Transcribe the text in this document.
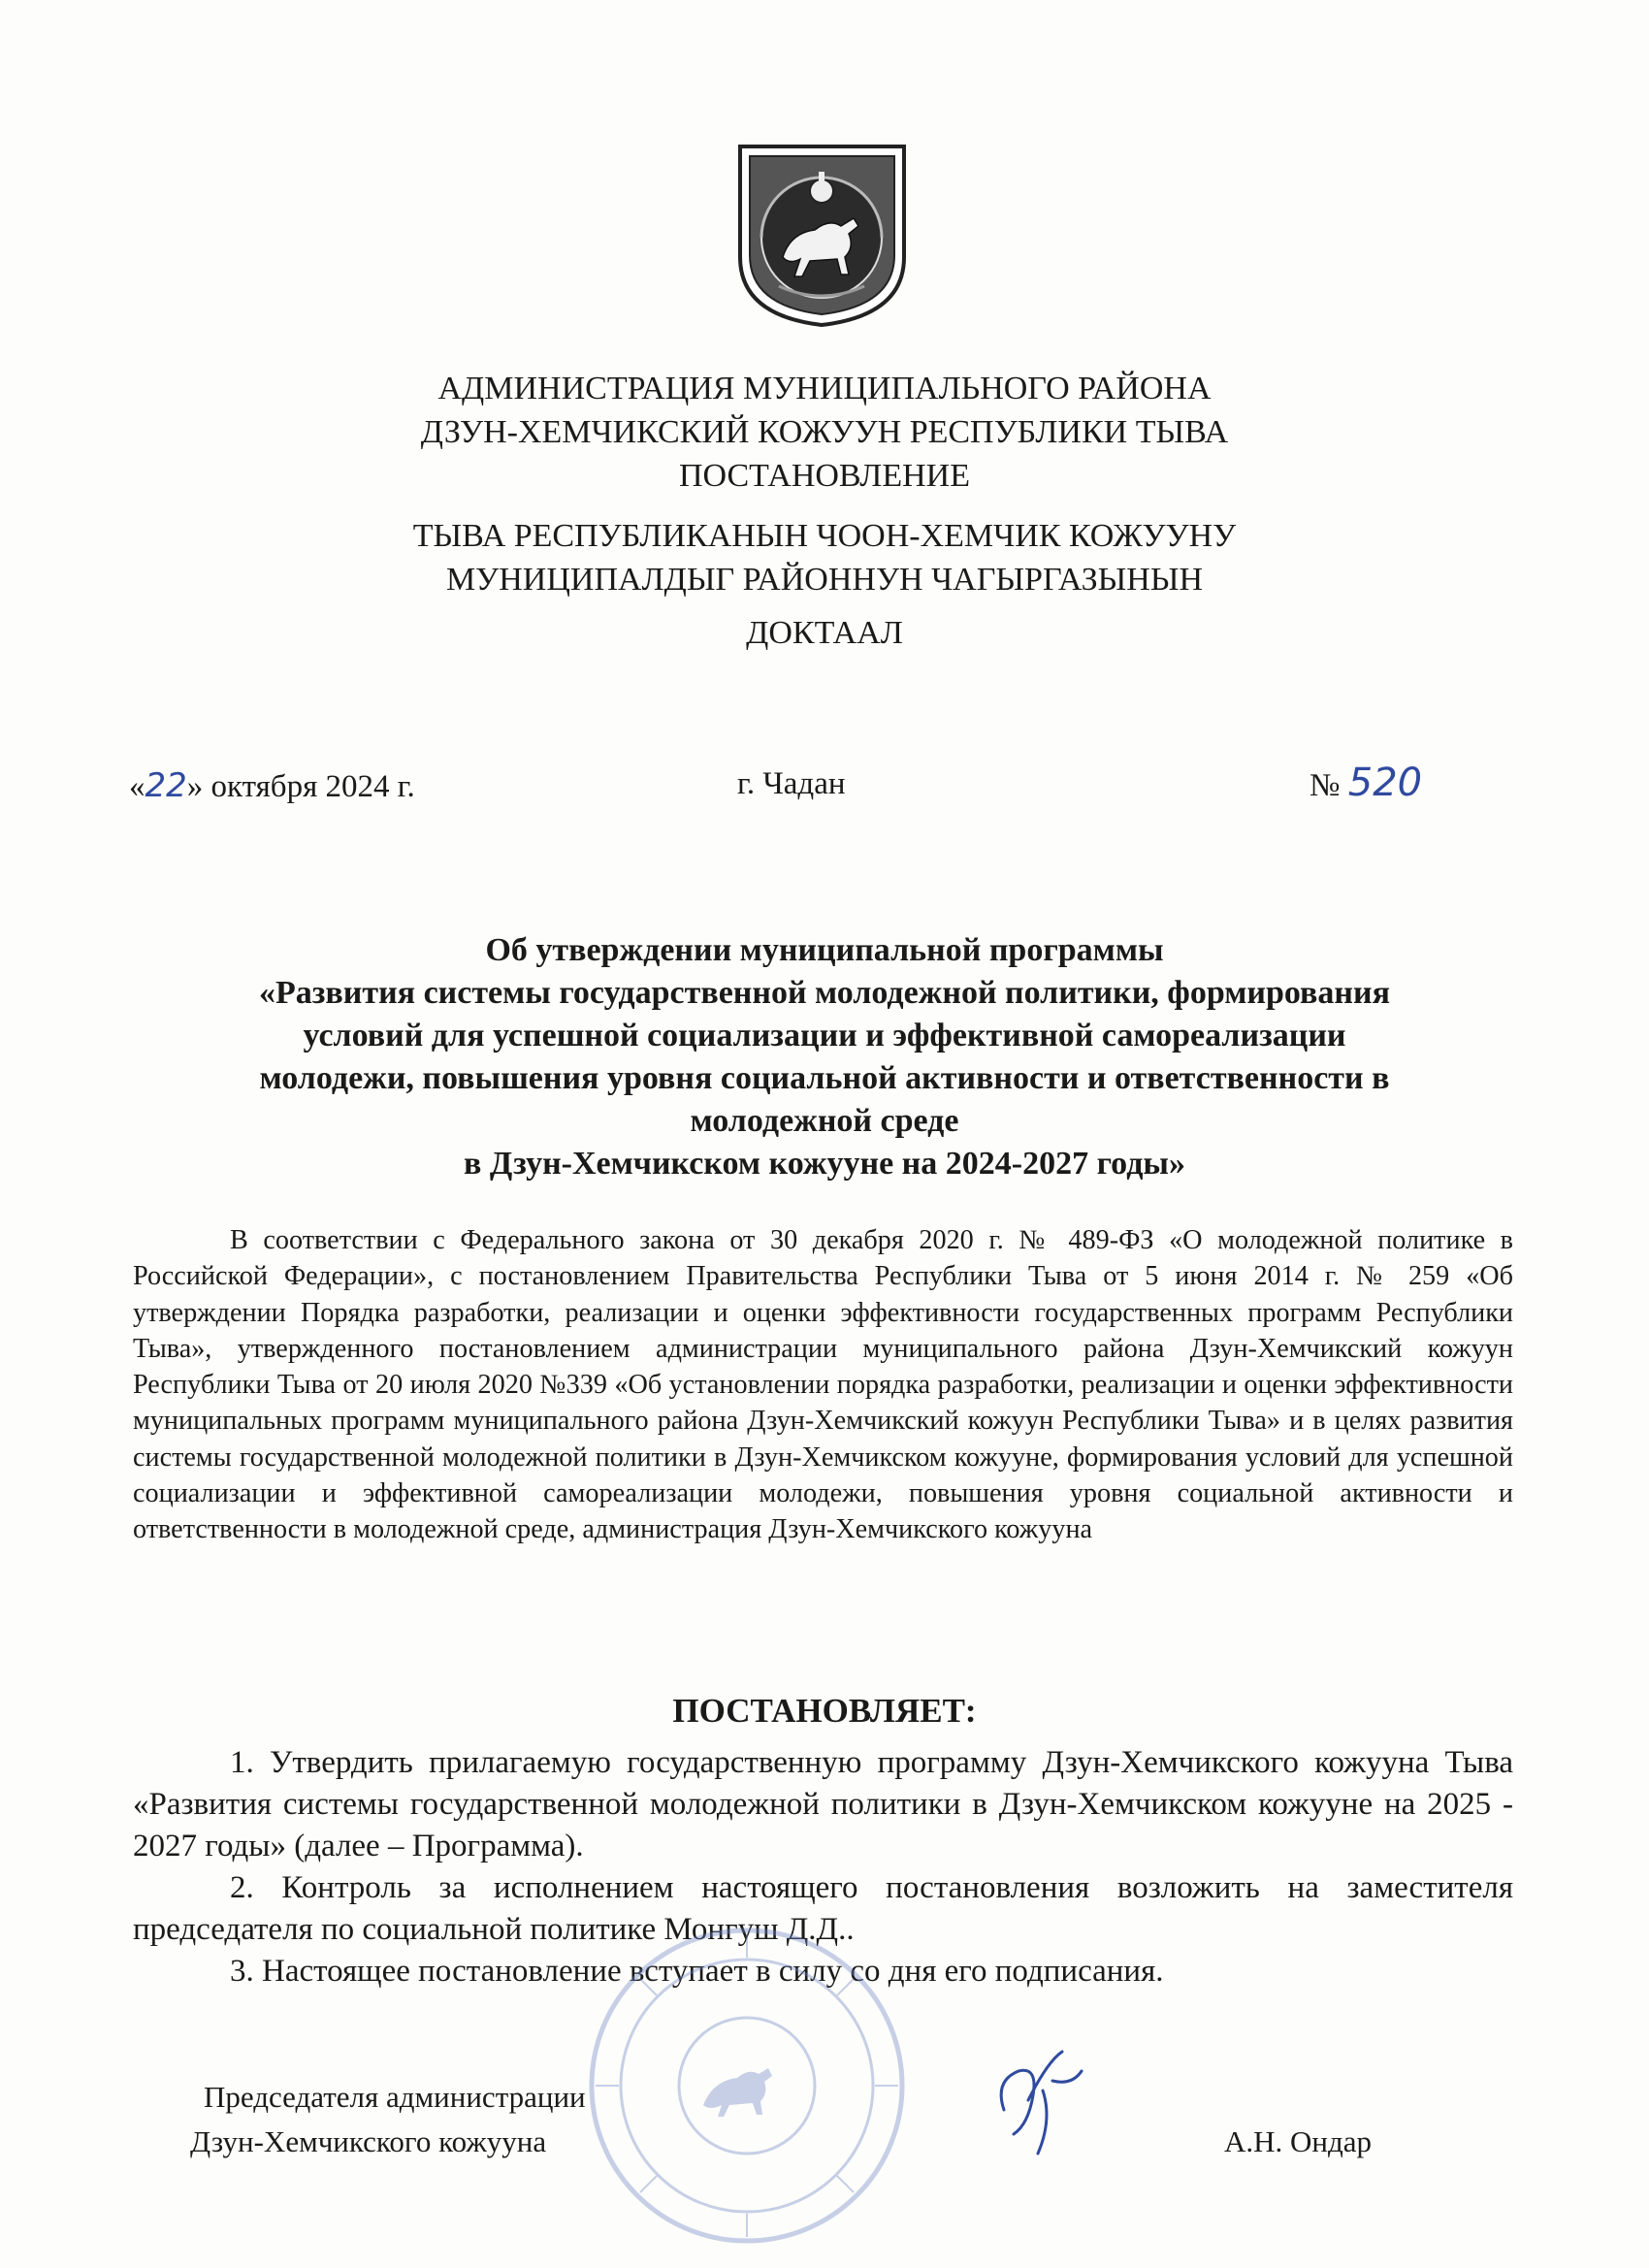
АДМИНИСТРАЦИЯ МУНИЦИПАЛЬНОГО РАЙОНА
ДЗУН-ХЕМЧИКСКИЙ КОЖУУН РЕСПУБЛИКИ ТЫВА
ПОСТАНОВЛЕНИЕ
ТЫВА РЕСПУБЛИКАНЫН ЧООН-ХЕМЧИК КОЖУУНУ
МУНИЦИПАЛДЫГ РАЙОННУН ЧАГЫРГАЗЫНЫН
ДОКТААЛ
«22» октября 2024 г.	г. Чадан	№ 520
Об утверждении муниципальной программы
«Развития системы государственной молодежной политики, формирования
условий для успешной социализации и эффективной самореализации
молодежи, повышения уровня социальной активности и ответственности в
молодежной среде
в Дзун-Хемчикском кожууне на 2024-2027 годы»

В соответствии с Федерального закона от 30 декабря 2020 г. № 489-ФЗ «О молодежной политике в Российской Федерации», с постановлением Правительства Республики Тыва от 5 июня 2014 г. № 259 «Об утверждении Порядка разработки, реализации и оценки эффективности государственных программ Республики Тыва», утвержденного постановлением администрации муниципального района Дзун-Хемчикский кожуун Республики Тыва от 20 июля 2020 №339 «Об установлении порядка разработки, реализации и оценки эффективности муниципальных программ муниципального района Дзун-Хемчикский кожуун Республики Тыва» и в целях развития системы государственной молодежной политики в Дзун-Хемчикском кожууне, формирования условий для успешной социализации и эффективной самореализации молодежи, повышения уровня социальной активности и ответственности в молодежной среде, администрация Дзун-Хемчикского кожууна

ПОСТАНОВЛЯЕТ:

1. Утвердить прилагаемую государственную программу Дзун-Хемчикского кожууна Тыва «Развития системы государственной молодежной политики в Дзун-Хемчикском кожууне на 2025 - 2027 годы» (далее – Программа).

2. Контроль за исполнением настоящего постановления возложить на заместителя председателя по социальной политике Монгуш Д.Д..

3. Настоящее постановление вступает в силу со дня его подписания.

Председателя администрации
Дзун-Хемчикского кожууна	А.Н. Ондар
